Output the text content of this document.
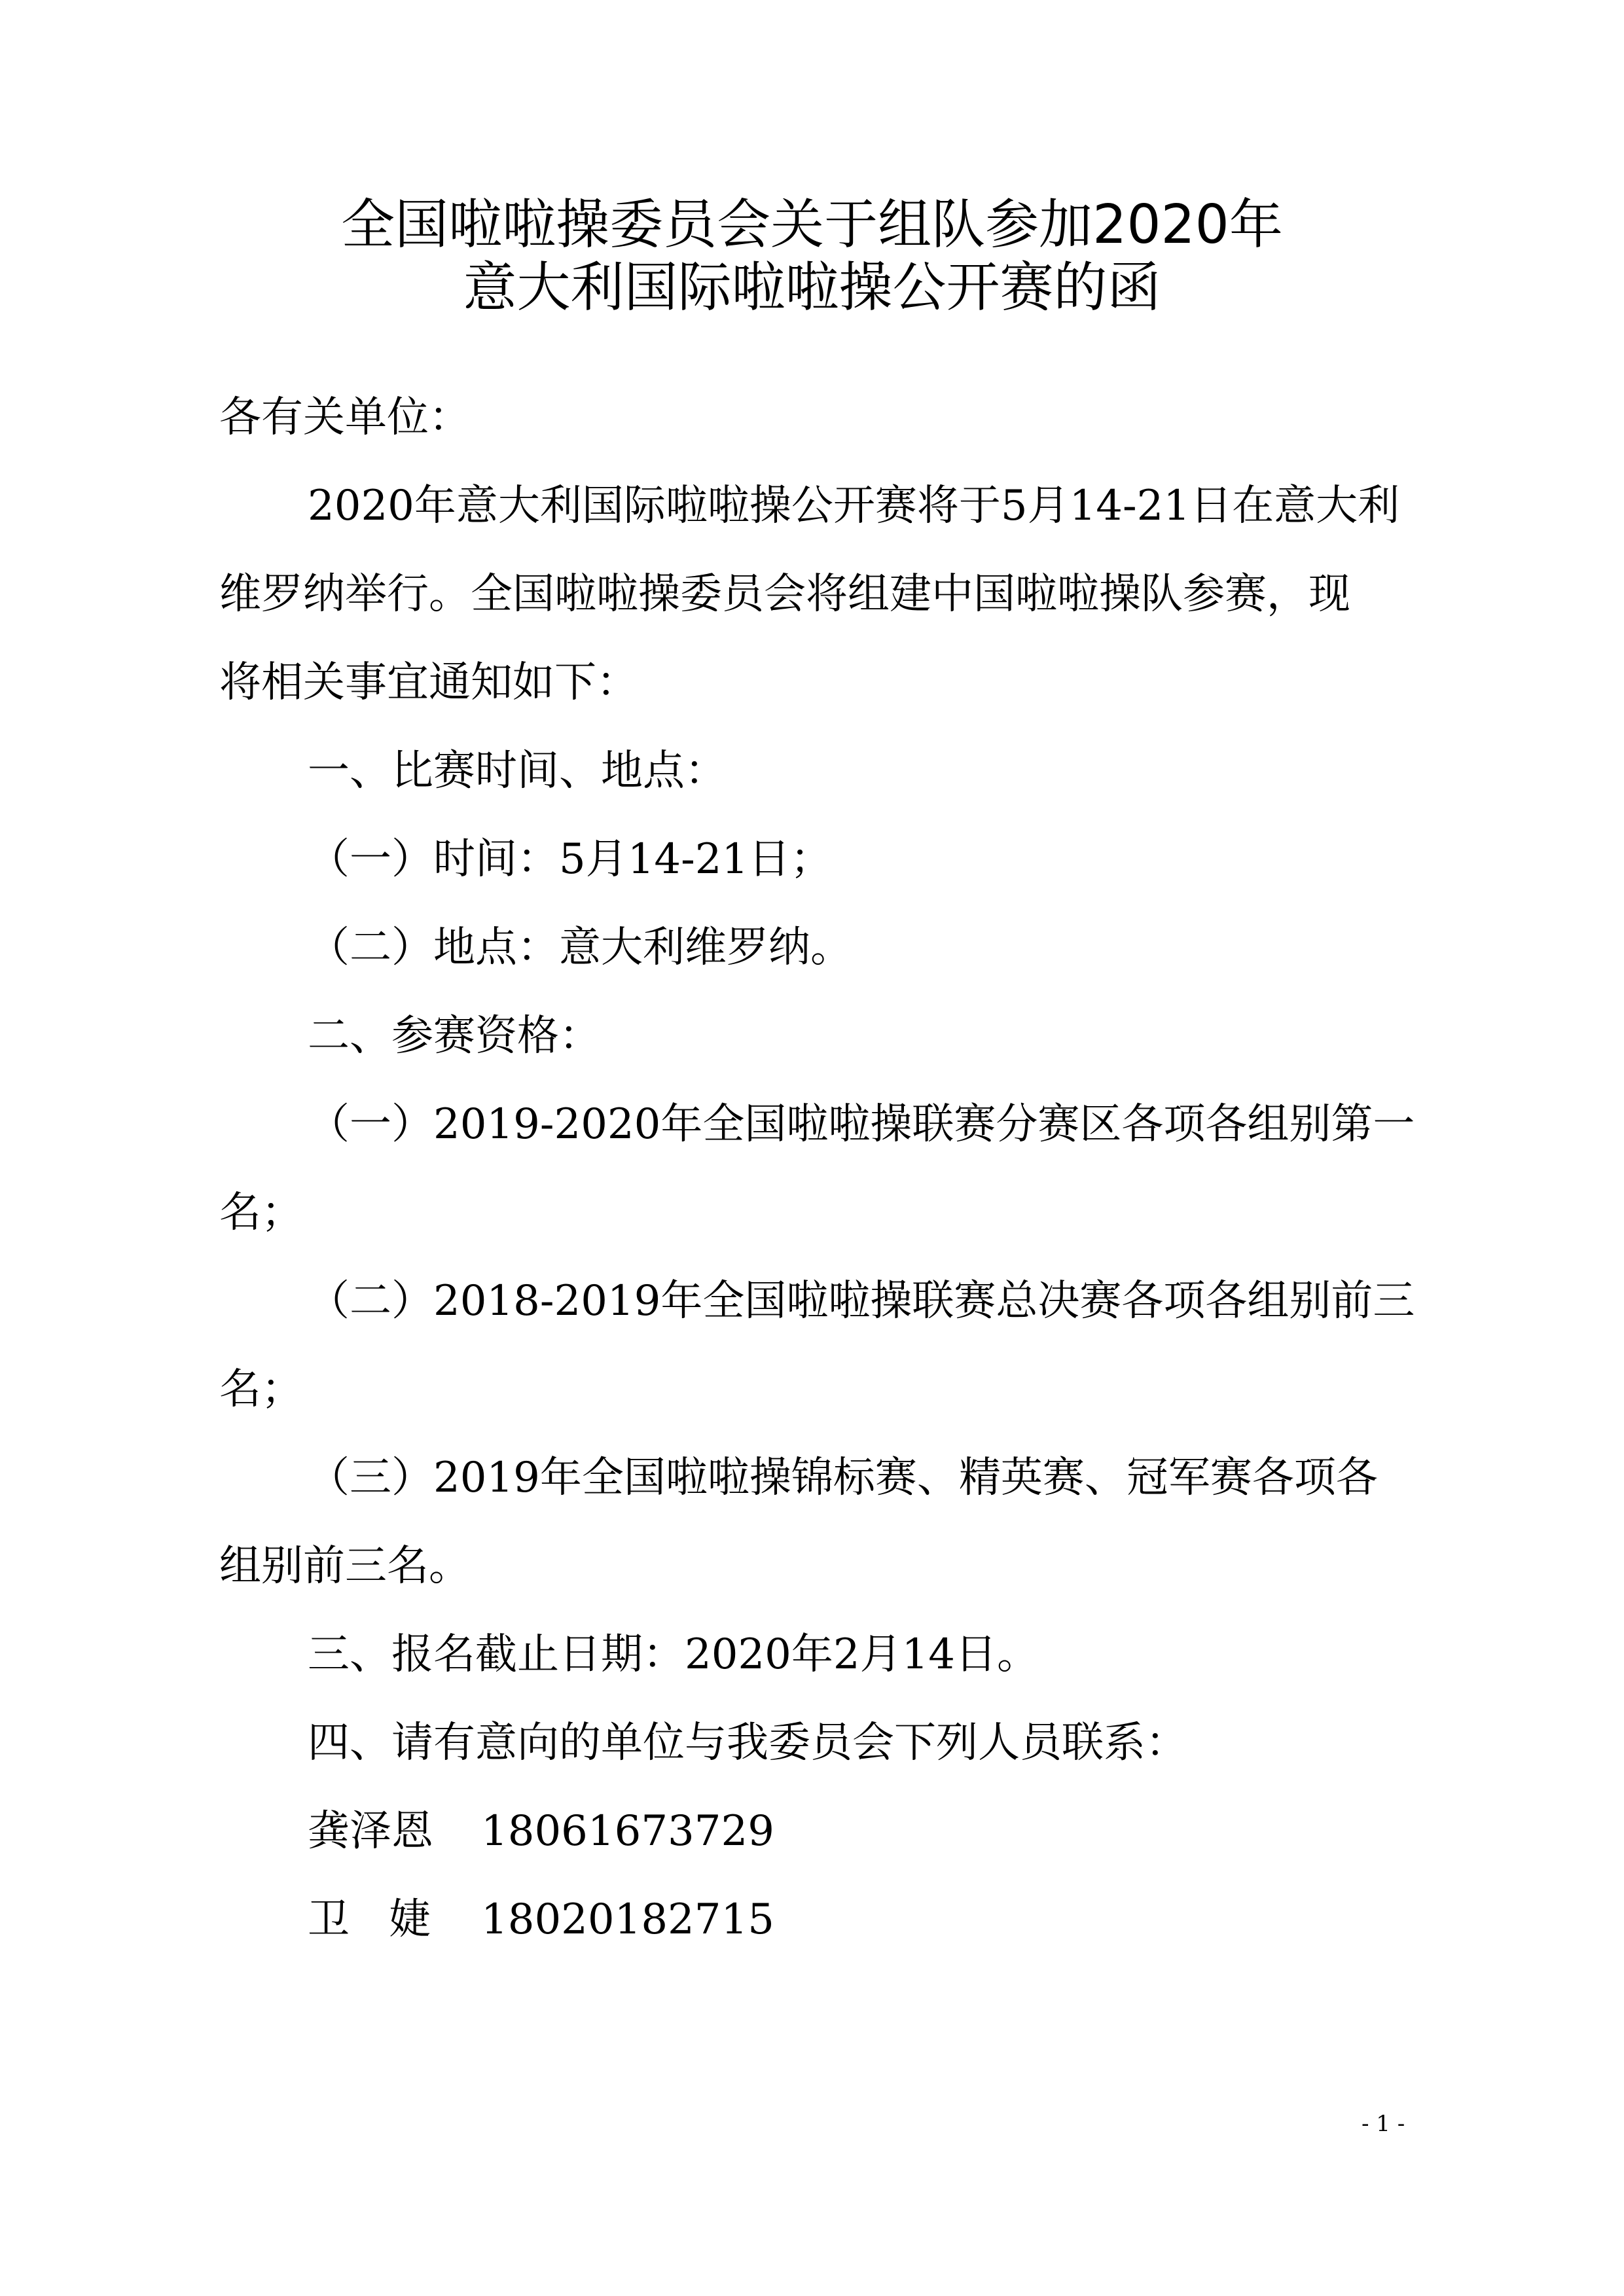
全国啦啦操委员会关于组队参加2020年
意大利国际啦啦操公开赛的函

各有关单位：

2020年意大利国际啦啦操公开赛将于5月14-21日在意大利

维罗纳举行。全国啦啦操委员会将组建中国啦啦操队参赛，现

将相关事宜通知如下：

一、比赛时间、地点：

（一）时间：5月14-21日；

（二）地点：意大利维罗纳。

二、参赛资格：

（一）2019-2020年全国啦啦操联赛分赛区各项各组别第一

名；

（二）2018-2019年全国啦啦操联赛总决赛各项各组别前三

名；

（三）2019年全国啦啦操锦标赛、精英赛、冠军赛各项各

组别前三名。

三、报名截止日期：2020年2月14日。

四、请有意向的单位与我委员会下列人员联系：

龚泽恩 18061673729
卫婕 18020182715
- 1 -
